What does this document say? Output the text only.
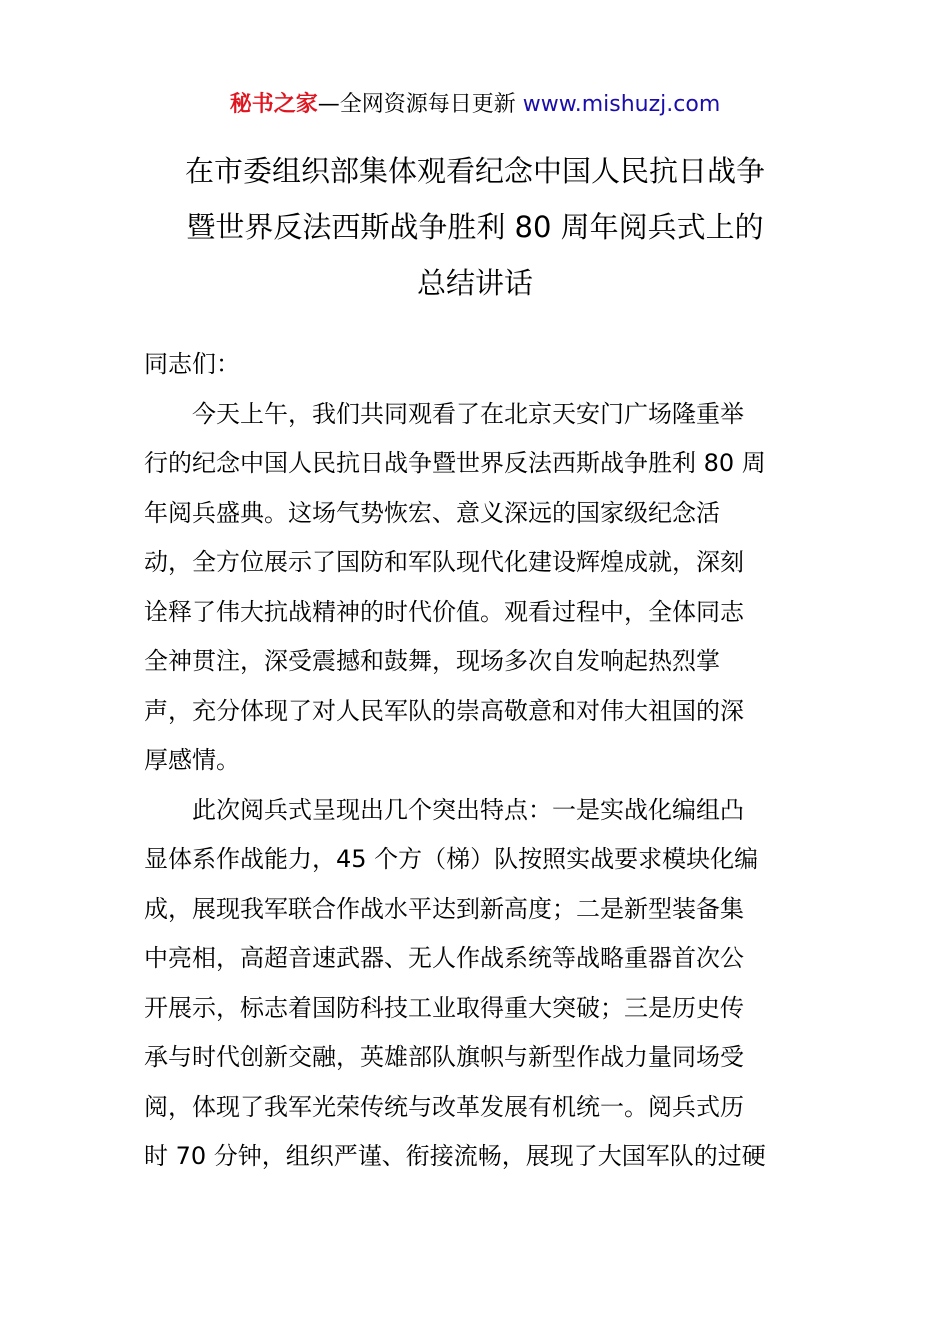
秘书之家—全网资源每日更新 www.mishuzj.com
在市委组织部集体观看纪念中国人民抗日战争
暨世界反法西斯战争胜利 80 周年阅兵式上的
总结讲话

同志们：

今天上午，我们共同观看了在北京天安门广场隆重举
行的纪念中国人民抗日战争暨世界反法西斯战争胜利 80 周
年阅兵盛典。这场气势恢宏、意义深远的国家级纪念活
动，全方位展示了国防和军队现代化建设辉煌成就，深刻
诠释了伟大抗战精神的时代价值。观看过程中，全体同志
全神贯注，深受震撼和鼓舞，现场多次自发响起热烈掌
声，充分体现了对人民军队的崇高敬意和对伟大祖国的深
厚感情。

此次阅兵式呈现出几个突出特点：一是实战化编组凸
显体系作战能力，45 个方（梯）队按照实战要求模块化编
成，展现我军联合作战水平达到新高度；二是新型装备集
中亮相，高超音速武器、无人作战系统等战略重器首次公
开展示，标志着国防科技工业取得重大突破；三是历史传
承与时代创新交融，英雄部队旗帜与新型作战力量同场受
阅，体现了我军光荣传统与改革发展有机统一。阅兵式历
时 70 分钟，组织严谨、衔接流畅，展现了大国军队的过硬
